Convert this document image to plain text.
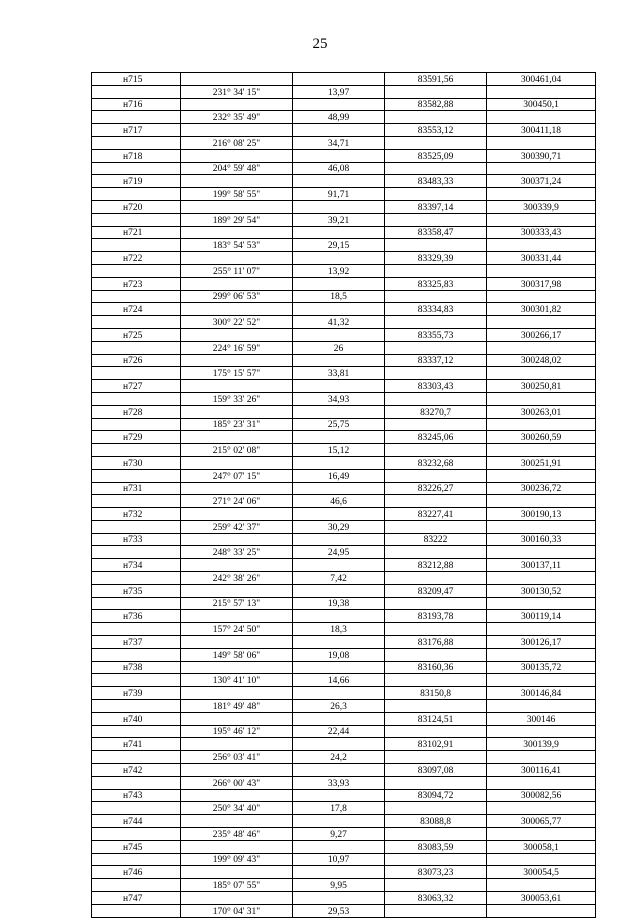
25
н715			83591,56	300461,04
	231° 34' 15"	13,97		
н716			83582,88	300450,1
	232° 35' 49"	48,99		
н717			83553,12	300411,18
	216° 08' 25"	34,71		
н718			83525,09	300390,71
	204° 59' 48"	46,08		
н719			83483,33	300371,24
	199° 58' 55"	91,71		
н720			83397,14	300339,9
	189° 29' 54"	39,21		
н721			83358,47	300333,43
	183° 54' 53"	29,15		
н722			83329,39	300331,44
	255° 11' 07"	13,92		
н723			83325,83	300317,98
	299° 06' 53"	18,5		
н724			83334,83	300301,82
	300° 22' 52"	41,32		
н725			83355,73	300266,17
	224° 16' 59"	26		
н726			83337,12	300248,02
	175° 15' 57"	33,81		
н727			83303,43	300250,81
	159° 33' 26"	34,93		
н728			83270,7	300263,01
	185° 23' 31"	25,75		
н729			83245,06	300260,59
	215° 02' 08"	15,12		
н730			83232,68	300251,91
	247° 07' 15"	16,49		
н731			83226,27	300236,72
	271° 24' 06"	46,6		
н732			83227,41	300190,13
	259° 42' 37"	30,29		
н733			83222	300160,33
	248° 33' 25"	24,95		
н734			83212,88	300137,11
	242° 38' 26"	7,42		
н735			83209,47	300130,52
	215° 57' 13"	19,38		
н736			83193,78	300119,14
	157° 24' 50"	18,3		
н737			83176,88	300126,17
	149° 58' 06"	19,08		
н738			83160,36	300135,72
	130° 41' 10"	14,66		
н739			83150,8	300146,84
	181° 49' 48"	26,3		
н740			83124,51	300146
	195° 46' 12"	22,44		
н741			83102,91	300139,9
	256° 03' 41"	24,2		
н742			83097,08	300116,41
	266° 00' 43"	33,93		
н743			83094,72	300082,56
	250° 34' 40"	17,8		
н744			83088,8	300065,77
	235° 48' 46"	9,27		
н745			83083,59	300058,1
	199° 09' 43"	10,97		
н746			83073,23	300054,5
	185° 07' 55"	9,95		
н747			83063,32	300053,61
	170° 04' 31"	29,53		
